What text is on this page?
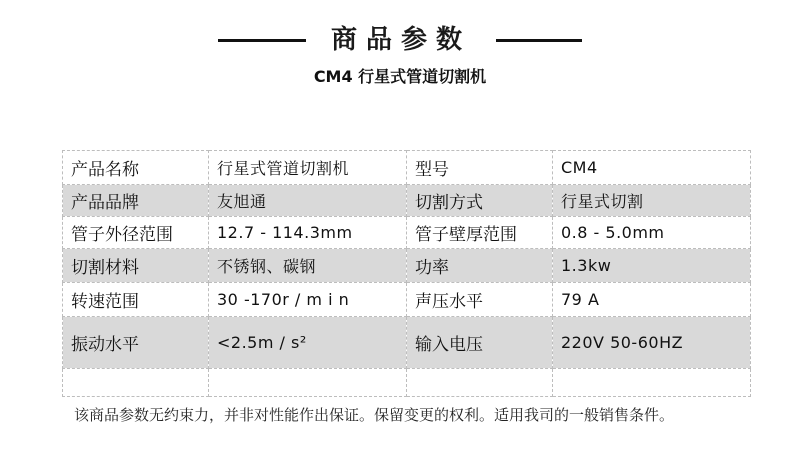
商品参数
CM4 行星式管道切割机
产品名称	行星式管道切割机	型号	CM4
产品品牌	友旭通	切割方式	行星式切割
管子外径范围	12.7 - 114.3mm	管子壁厚范围	0.8 - 5.0mm
切割材料	不锈钢、碳钢	功率	1.3kw
转速范围	30 -170r / m i n	声压水平	79 A
振动水平	<2.5m / s²	输入电压	220V 50-60HZ

该商品参数无约束力，并非对性能作出保证。保留变更的权利。适用我司的一般销售条件。
